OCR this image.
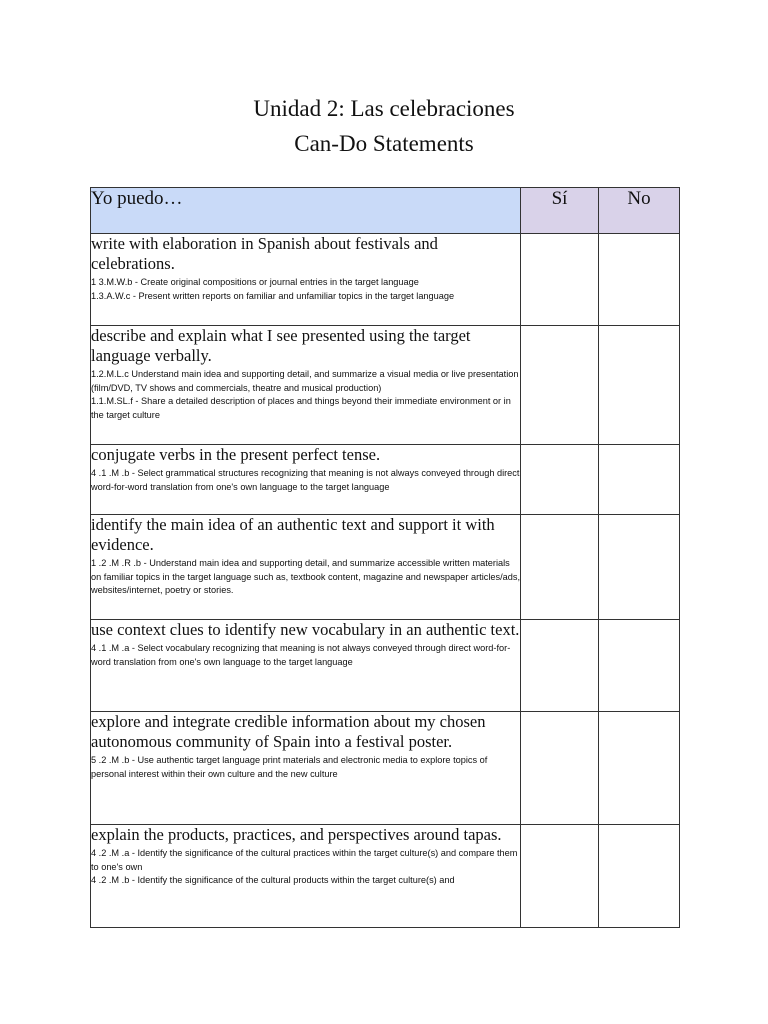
Unidad 2: Las celebraciones
Can-Do Statements
Yo puedo…	Sí	No

write with elaboration in Spanish about festivals and celebrations.
1 3.M.W.b - Create original compositions or journal entries in the target language
1.3.A.W.c - Present written reports on familiar and unfamiliar topics in the target language		

describe and explain what I see presented using the target language verbally.
1.2.M.L.c Understand main idea and supporting detail, and summarize a visual media or live presentation (film/DVD, TV shows and commercials, theatre and musical production)
1.1.M.SL.f - Share a detailed description of places and things beyond their immediate environment or in the target culture		

conjugate verbs in the present perfect tense.
4 .1 .M .b - Select grammatical structures recognizing that meaning is not always conveyed through direct word-for-word translation from one's own language to the target language		

identify the main idea of an authentic text and support it with evidence.
1 .2 .M .R .b - Understand main idea and supporting detail, and summarize accessible written materials on familiar topics in the target language such as, textbook content, magazine and newspaper articles/ads, websites/internet, poetry or stories.		

use context clues to identify new vocabulary in an authentic text.
4 .1 .M .a - Select vocabulary recognizing that meaning is not always conveyed through direct word-for-word translation from one's own language to the target language		

explore and integrate credible information about my chosen autonomous community of Spain into a festival poster.
5 .2 .M .b - Use authentic target language print materials and electronic media to explore topics of personal interest within their own culture and the new culture		

explain the products, practices, and perspectives around tapas.
4 .2 .M .a - Identify the significance of the cultural practices within the target culture(s) and compare them to one's own
4 .2 .M .b - Identify the significance of the cultural products within the target culture(s) and		
